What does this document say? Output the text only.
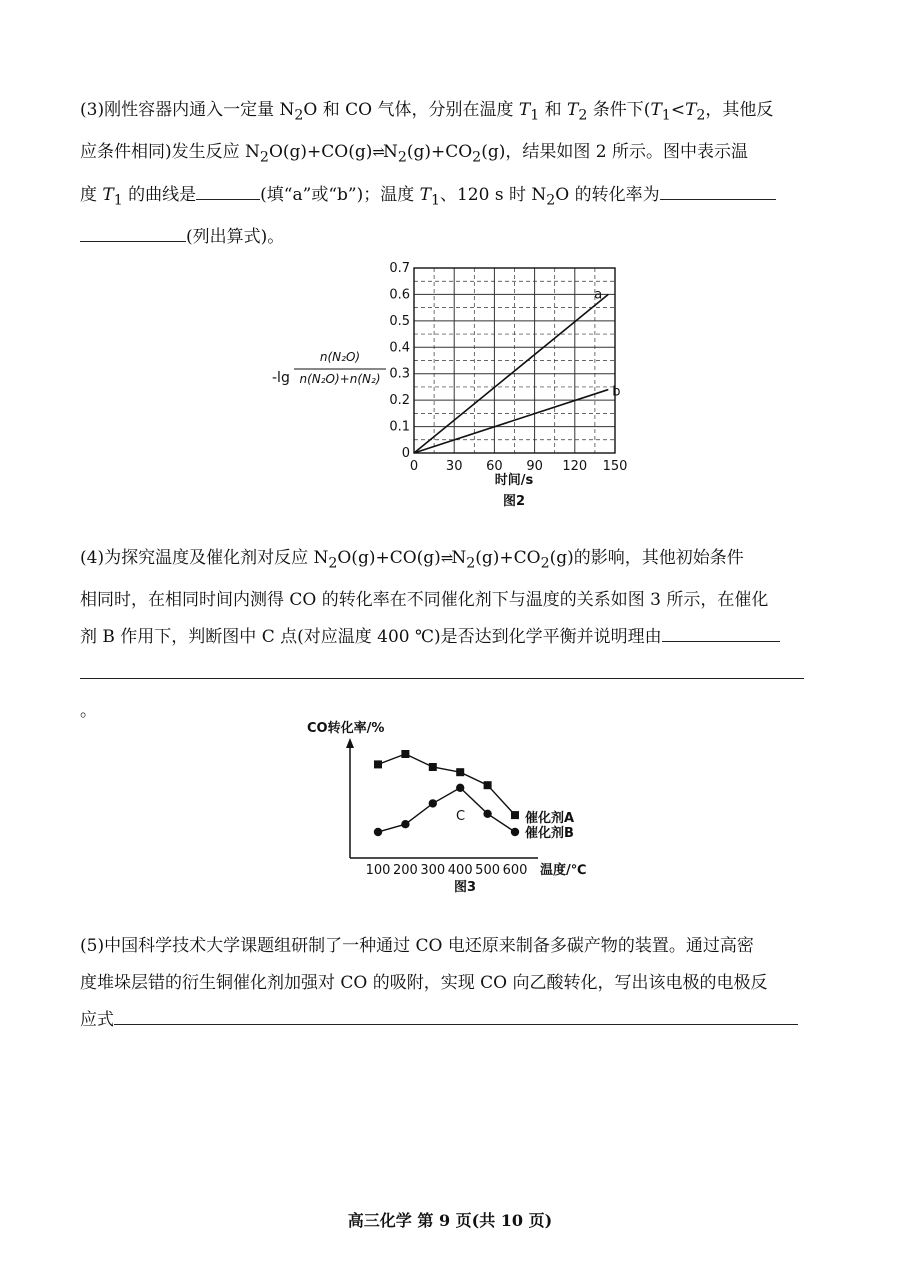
(3)刚性容器内通入一定量 $N_2O$ 和 CO 气体，分别在温度 $T_1$ 和 $T_2$ 条件下($T_1<T_2$，其他反
应条件相同)发生反应 $N_2O(g)+CO(g)\rightleftharpoons N_2(g)+CO_2(g)$，结果如图 2 所示。图中表示温
度 $T_1$ 的曲线是	(填“a”或“b”)；温度 $T_1$、120 s 时 $N_2O$ 的转化率为
(列出算式)。
-lg
n(N₂O)
n(N₂O)+n(N₂)
0
0.1
0.2
0.3
0.4
0.5
0.6
0.7
0 30 60 90 120 150
a
b
时间/s
图2
(4)为探究温度及催化剂对反应 $N_2O(g)+CO(g)\rightleftharpoons N_2(g)+CO_2(g)$的影响，其他初始条件
相同时，在相同时间内测得 CO 的转化率在不同催化剂下与温度的关系如图 3 所示，在催化
剂 B 作用下，判断图中 C 点(对应温度 400 ℃)是否达到化学平衡并说明理由
。
CO转化率/%
100 200 300 400 500 600
催化剂A
催化剂B
C
温度/℃
图3
(5)中国科学技术大学课题组研制了一种通过 CO 电还原来制备多碳产物的装置。通过高密
度堆垛层错的衍生铜催化剂加强对 CO 的吸附，实现 CO 向乙酸转化，写出该电极的电极反
应式
高三化学 第 9 页(共 10 页)
